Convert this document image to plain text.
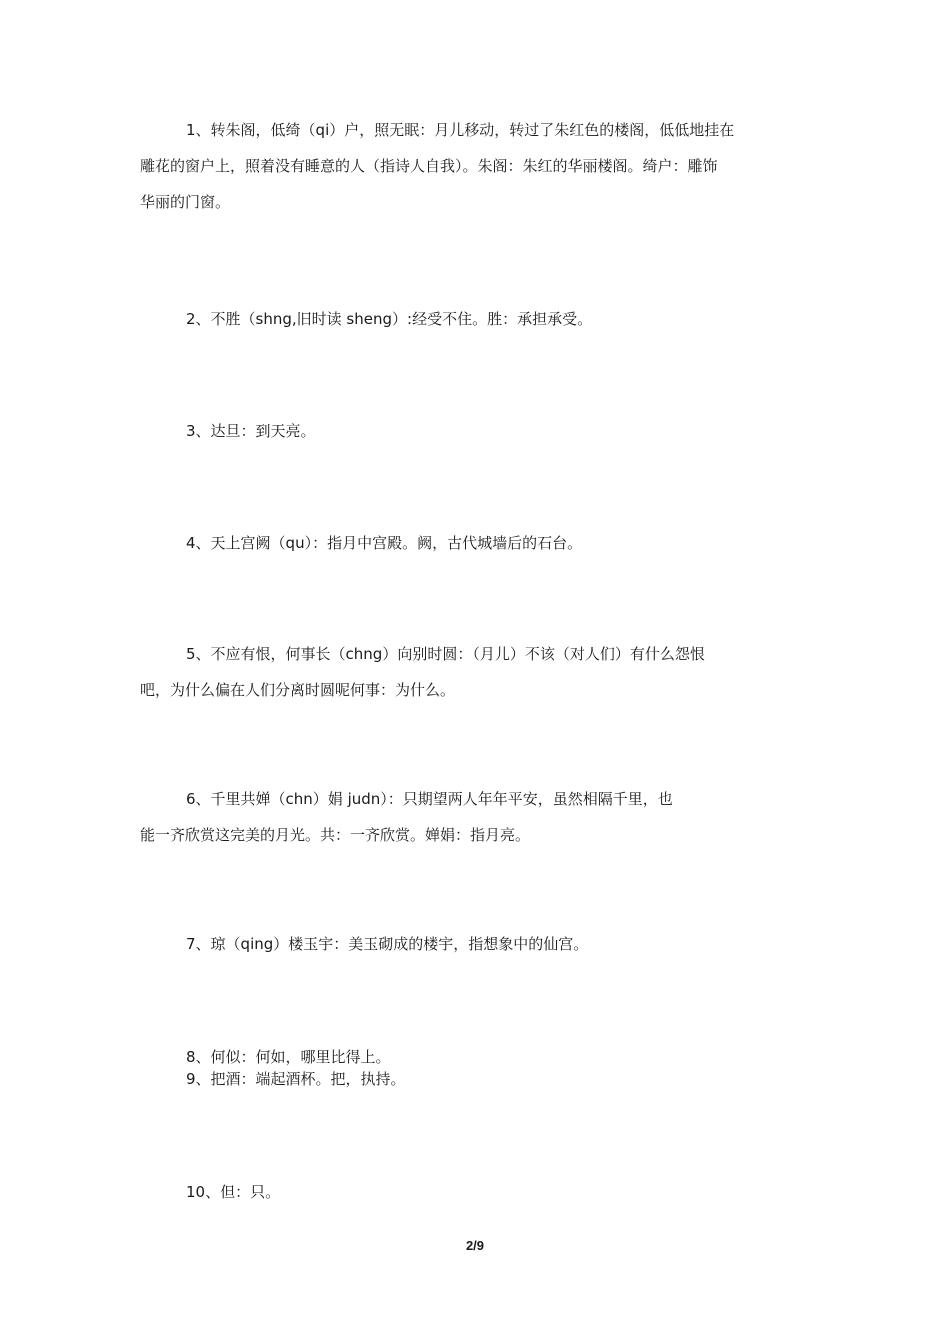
1、转朱阁，低绮（qi）户，照无眠：月儿移动，转过了朱红色的楼阁，低低地挂在
雕花的窗户上，照着没有睡意的人（指诗人自我）。朱阁：朱红的华丽楼阁。绮户：雕饰
华丽的门窗。

2、不胜（shng,旧时读 sheng）:经受不住。胜：承担承受。

3、达旦：到天亮。

4、天上宫阙（qu）：指月中宫殿。阙，古代城墙后的石台。

5、不应有恨，何事长（chng）向别时圆：（月儿）不该（对人们）有什么怨恨
吧，为什么偏在人们分离时圆呢何事：为什么。

6、千里共婵（chn）娟 judn）：只期望两人年年平安，虽然相隔千里，也
能一齐欣赏这完美的月光。共：一齐欣赏。婵娟：指月亮。

7、琼（qing）楼玉宇：美玉砌成的楼宇，指想象中的仙宫。

8、何似：何如，哪里比得上。
9、把酒：端起酒杯。把，执持。

10、但：只。

2/9
